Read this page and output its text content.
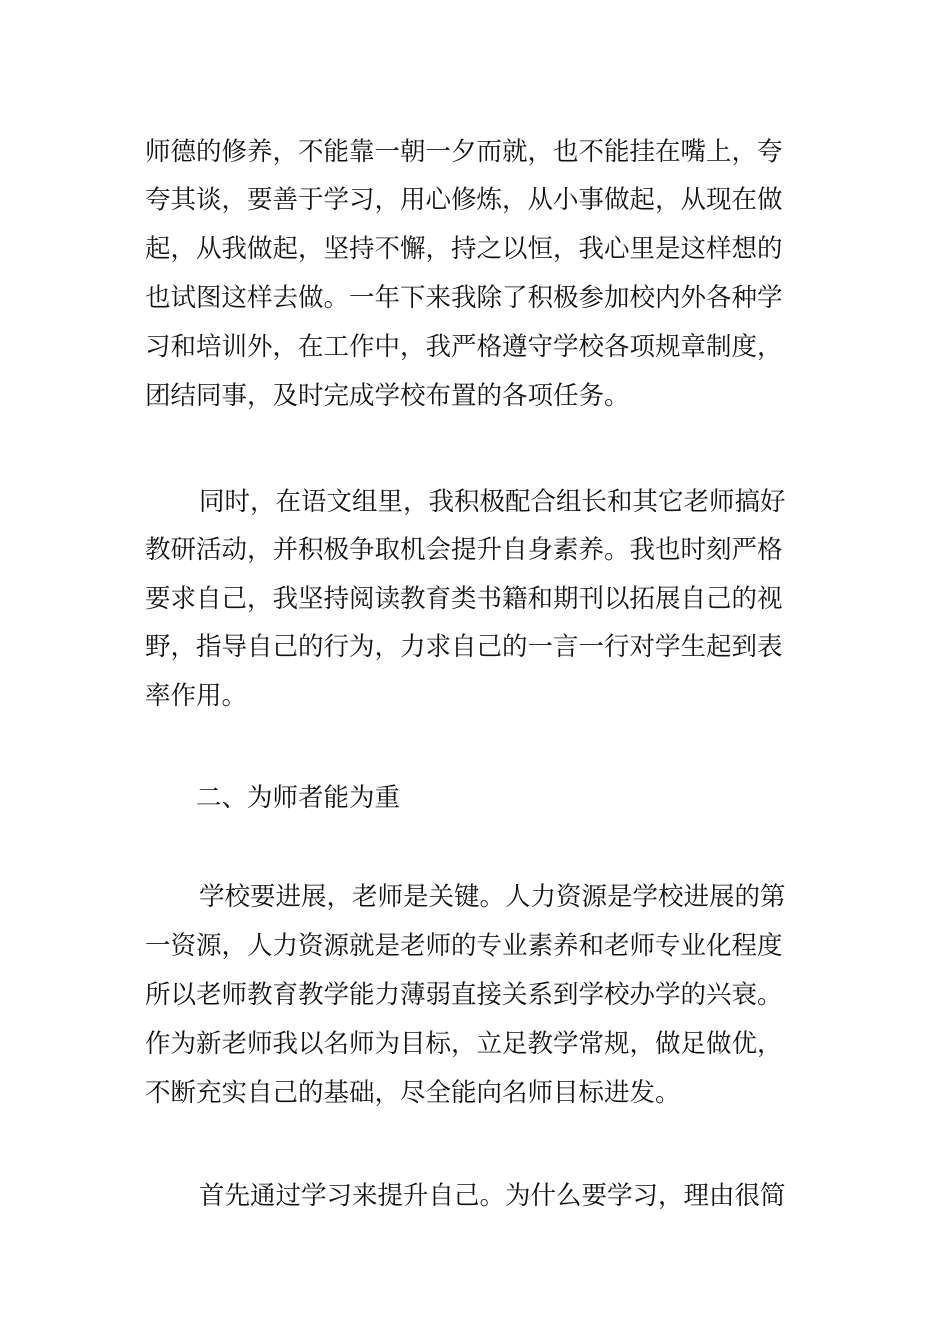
师德的修养，不能靠一朝一夕而就，也不能挂在嘴上，夸
夸其谈，要善于学习，用心修炼，从小事做起，从现在做
起，从我做起，坚持不懈，持之以恒，我心里是这样想的
也试图这样去做。一年下来我除了积极参加校内外各种学
习和培训外，在工作中，我严格遵守学校各项规章制度，
团结同事，及时完成学校布置的各项任务。
同时，在语文组里，我积极配合组长和其它老师搞好
教研活动，并积极争取机会提升自身素养。我也时刻严格
要求自己，我坚持阅读教育类书籍和期刊以拓展自己的视
野，指导自己的行为，力求自己的一言一行对学生起到表
率作用。
二、为师者能为重
学校要进展，老师是关键。人力资源是学校进展的第
一资源，人力资源就是老师的专业素养和老师专业化程度
所以老师教育教学能力薄弱直接关系到学校办学的兴衰。
作为新老师我以名师为目标，立足教学常规，做足做优，
不断充实自己的基础，尽全能向名师目标进发。
首先通过学习来提升自己。为什么要学习，理由很简
